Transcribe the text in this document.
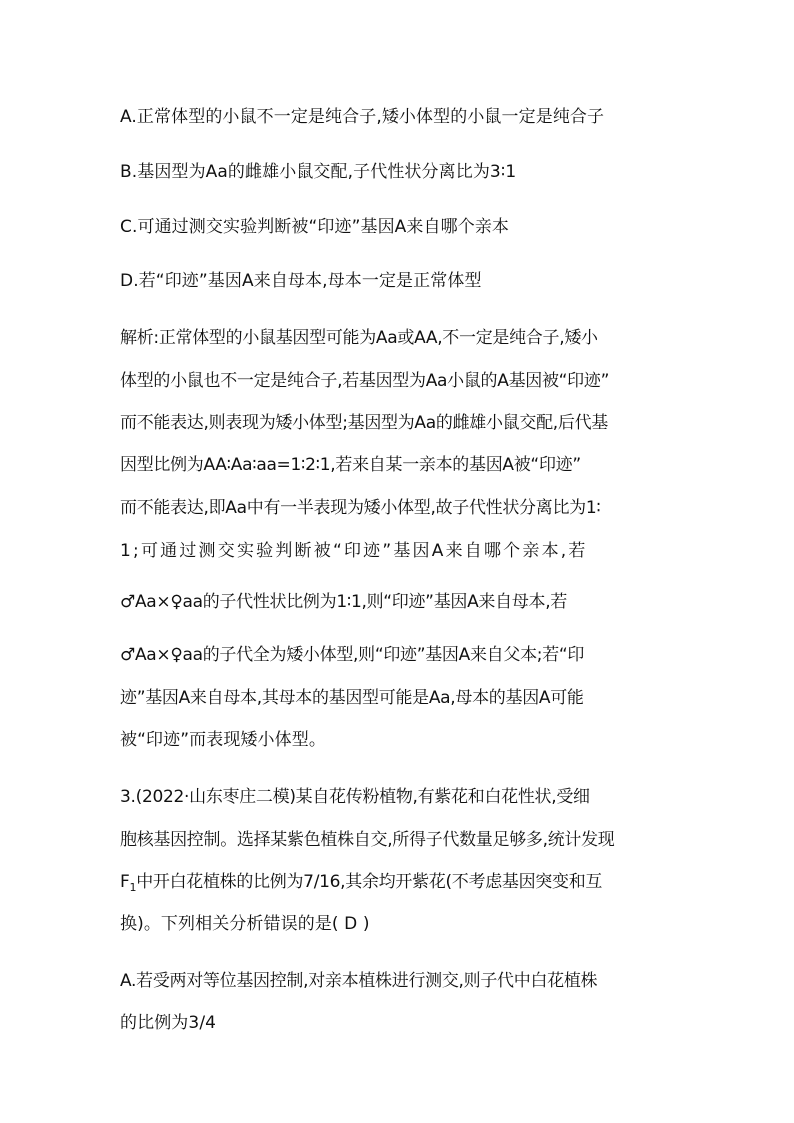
A.正常体型的小鼠不一定是纯合子,矮小体型的小鼠一定是纯合子
B.基因型为Aa的雌雄小鼠交配,子代性状分离比为3∶1
C.可通过测交实验判断被“印迹”基因A来自哪个亲本
D.若“印迹”基因A来自母本,母本一定是正常体型
解析:正常体型的小鼠基因型可能为Aa或AA,不一定是纯合子,矮小
体型的小鼠也不一定是纯合子,若基因型为Aa小鼠的A基因被“印迹”
而不能表达,则表现为矮小体型;基因型为Aa的雌雄小鼠交配,后代基
因型比例为AA∶Aa∶aa=1∶2∶1,若来自某一亲本的基因A被“印迹”
而不能表达,即Aa中有一半表现为矮小体型,故子代性状分离比为1∶
1;可通过测交实验判断被“印迹”基因A来自哪个亲本,若
♂Aa×♀aa的子代性状比例为1∶1,则“印迹”基因A来自母本,若
♂Aa×♀aa的子代全为矮小体型,则“印迹”基因A来自父本;若“印
迹”基因A来自母本,其母本的基因型可能是Aa,母本的基因A可能
被“印迹”而表现矮小体型。
3.(2022·山东枣庄二模)某自花传粉植物,有紫花和白花性状,受细
胞核基因控制。选择某紫色植株自交,所得子代数量足够多,统计发现
$F_1$中开白花植株的比例为7/16,其余均开紫花(不考虑基因突变和互
换)。下列相关分析错误的是( D )
A.若受两对等位基因控制,对亲本植株进行测交,则子代中白花植株
的比例为3/4
